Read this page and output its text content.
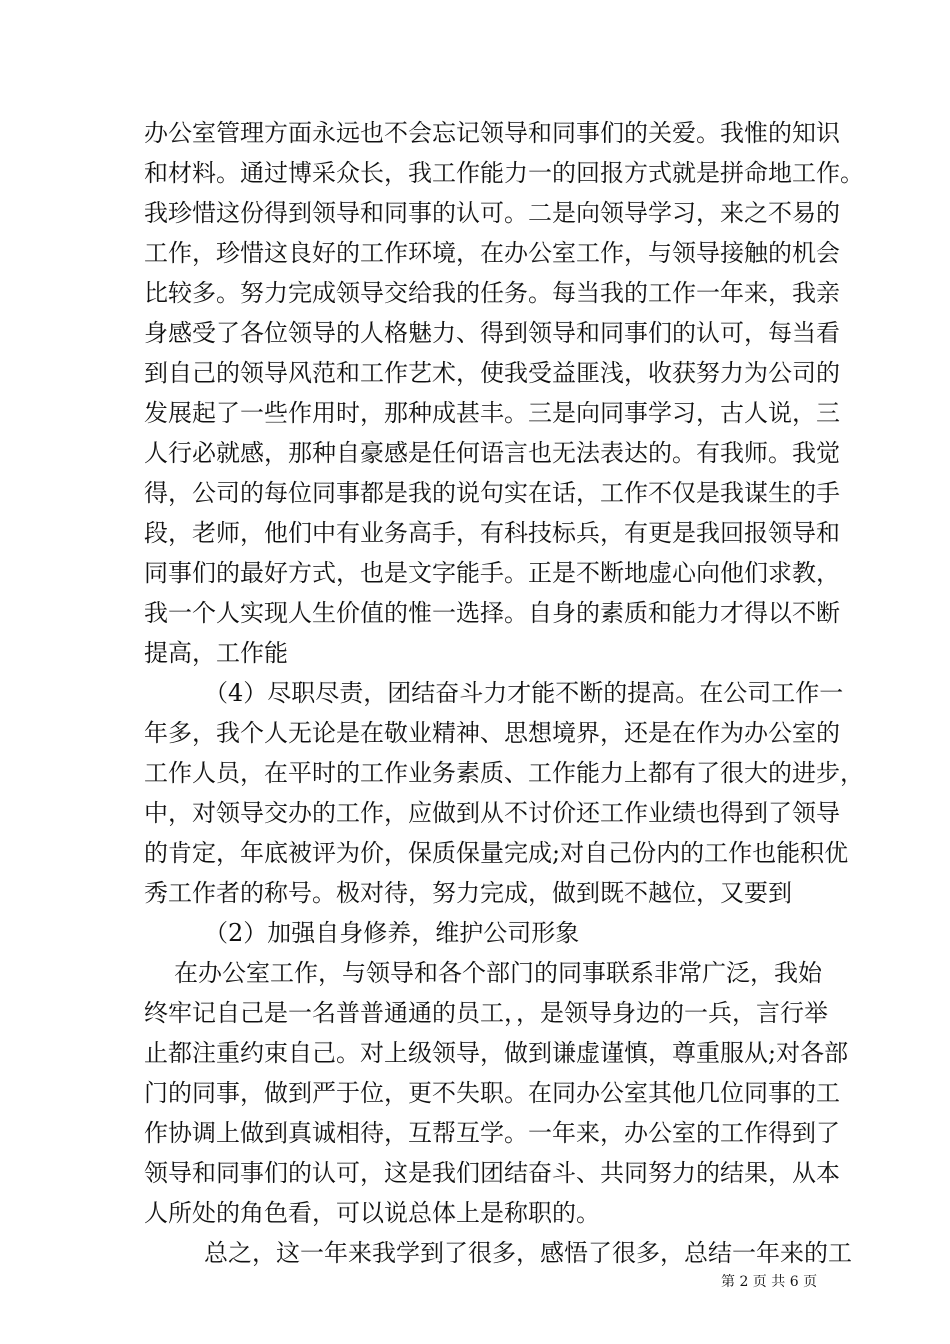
办公室管理方面永远也不会忘记领导和同事们的关爱。我惟的知识
和材料。通过博采众长，我工作能力一的回报方式就是拼命地工作。
我珍惜这份得到领导和同事的认可。二是向领导学习，来之不易的
工作，珍惜这良好的工作环境，在办公室工作，与领导接触的机会
比较多。努力完成领导交给我的任务。每当我的工作一年来，我亲
身感受了各位领导的人格魅力、得到领导和同事们的认可，每当看
到自己的领导风范和工作艺术，使我受益匪浅，收获努力为公司的
发展起了一些作用时，那种成甚丰。三是向同事学习，古人说，三
人行必就感，那种自豪感是任何语言也无法表达的。有我师。我觉
得，公司的每位同事都是我的说句实在话，工作不仅是我谋生的手
段，老师，他们中有业务高手，有科技标兵，有更是我回报领导和
同事们的最好方式，也是文字能手。正是不断地虚心向他们求教，
我一个人实现人生价值的惟一选择。自身的素质和能力才得以不断
提高，工作能
（4）尽职尽责，团结奋斗力才能不断的提高。在公司工作一
年多，我个人无论是在敬业精神、思想境界，还是在作为办公室的
工作人员，在平时的工作业务素质、工作能力上都有了很大的进步，
中，对领导交办的工作，应做到从不讨价还工作业绩也得到了领导
的肯定，年底被评为价，保质保量完成;对自己份内的工作也能积优
秀工作者的称号。极对待，努力完成，做到既不越位，又要到
（2）加强自身修养，维护公司形象
在办公室工作，与领导和各个部门的同事联系非常广泛，我始
终牢记自己是一名普普通通的员工，，是领导身边的一兵，言行举
止都注重约束自己。对上级领导，做到谦虚谨慎，尊重服从;对各部
门的同事，做到严于位，更不失职。在同办公室其他几位同事的工
作协调上做到真诚相待，互帮互学。一年来，办公室的工作得到了
领导和同事们的认可，这是我们团结奋斗、共同努力的结果，从本
人所处的角色看，可以说总体上是称职的。
总之，这一年来我学到了很多，感悟了很多，总结一年来的工
第 2 页 共 6 页
